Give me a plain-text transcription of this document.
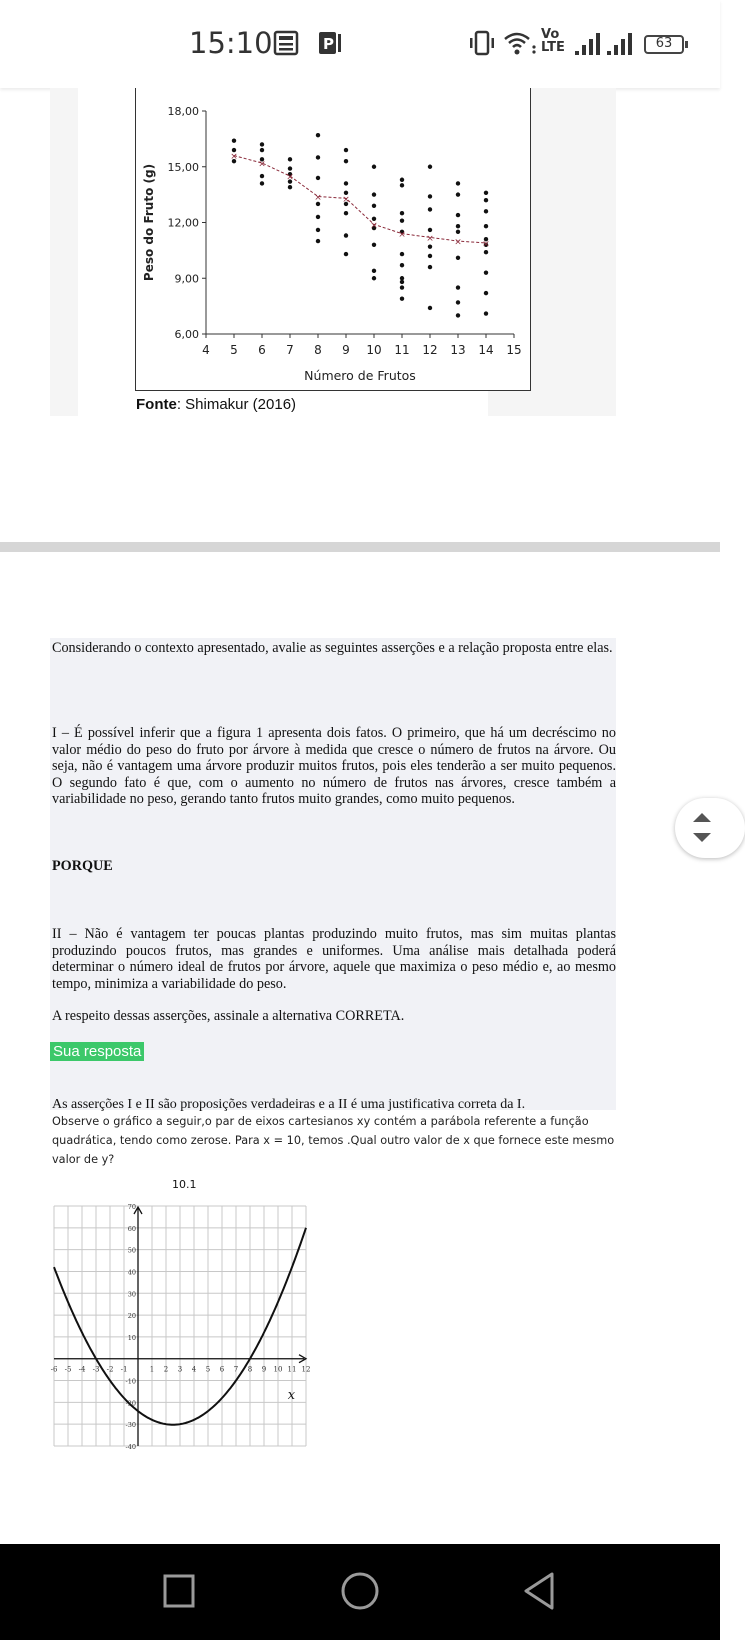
15:10	P
Vo LTE	63
4 5 6 7 8 9 10 11 12 13 14 15
6,00
9,00
12,00
15,00
18,00
Número de Frutos
Peso do Fruto (g)
×
×
×
× ×
×
× × × ×
Fonte: Shimakur (2016)
Considerando o contexto apresentado, avalie as seguintes asserções e a relação proposta entre elas.
I – É possível inferir que a figura 1 apresenta dois fatos. O primeiro, que há um decréscimo no valor médio do peso do fruto por árvore à medida que cresce o número de frutos na árvore. Ou seja, não é vantagem uma árvore produzir muitos frutos, pois eles tenderão a ser muito pequenos. O segundo fato é que, com o aumento no número de frutos nas árvores, cresce também a variabilidade no peso, gerando tanto frutos muito grandes, como muito pequenos.
PORQUE
II – Não é vantagem ter poucas plantas produzindo muito frutos, mas sim muitas plantas produzindo poucos frutos, mas grandes e uniformes. Uma análise mais detalhada poderá determinar o número ideal de frutos por árvore, aquele que maximiza o peso médio e, ao mesmo tempo, minimiza a variabilidade do peso.
A respeito dessas asserções, assinale a alternativa CORRETA.
Sua resposta
As asserções I e II são proposições verdadeiras e a II é uma justificativa correta da I.
Observe o gráfico a seguir,o par de eixos cartesianos xy contém a parábola referente a função quadrática, tendo como zerose. Para x = 10, temos .Qual outro valor de x que fornece este mesmo valor de y?
10.1
-6 -5 -4 -3 -2 -1	1 2 3 4 5 6 7 8 9 10 11 12
70
60
50
40
30
20
10
-10
-20
-30
-40
x
